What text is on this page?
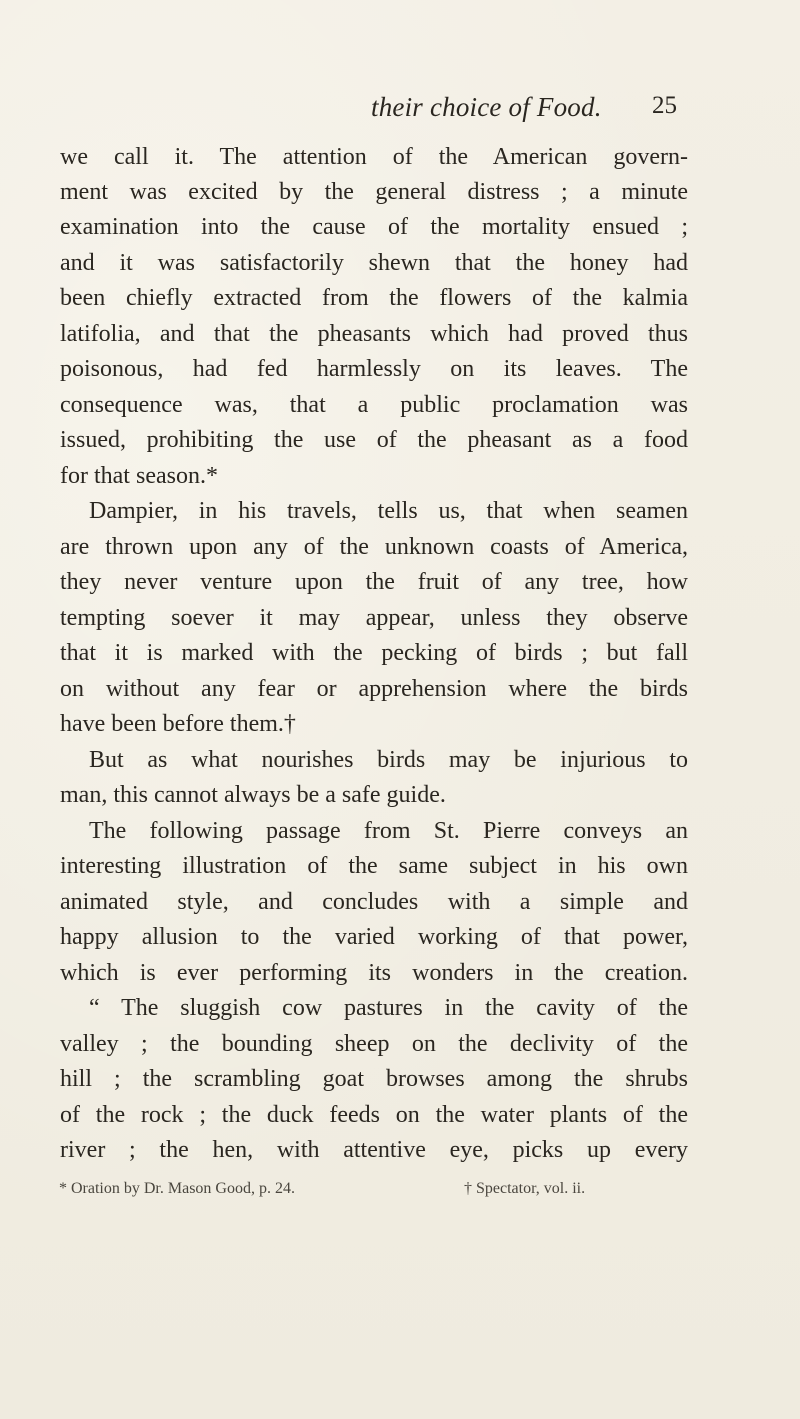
their choice of Food. 25
we call it. The attention of the American govern-
ment was excited by the general distress ; a minute
examination into the cause of the mortality ensued ;
and it was satisfactorily shewn that the honey had
been chiefly extracted from the flowers of the kalmia
latifolia, and that the pheasants which had proved thus
poisonous, had fed harmlessly on its leaves. The
consequence was, that a public proclamation was
issued, prohibiting the use of the pheasant as a food
for that season.*
Dampier, in his travels, tells us, that when seamen
are thrown upon any of the unknown coasts of America,
they never venture upon the fruit of any tree, how
tempting soever it may appear, unless they observe
that it is marked with the pecking of birds ; but fall
on without any fear or apprehension where the birds
have been before them.†
But as what nourishes birds may be injurious to
man, this cannot always be a safe guide.
The following passage from St. Pierre conveys an
interesting illustration of the same subject in his own
animated style, and concludes with a simple and
happy allusion to the varied working of that power,
which is ever performing its wonders in the creation.
“ The sluggish cow pastures in the cavity of the
valley ; the bounding sheep on the declivity of the
hill ; the scrambling goat browses among the shrubs
of the rock ; the duck feeds on the water plants of the
river ; the hen, with attentive eye, picks up every
* Oration by Dr. Mason Good, p. 24.	† Spectator, vol. ii.
